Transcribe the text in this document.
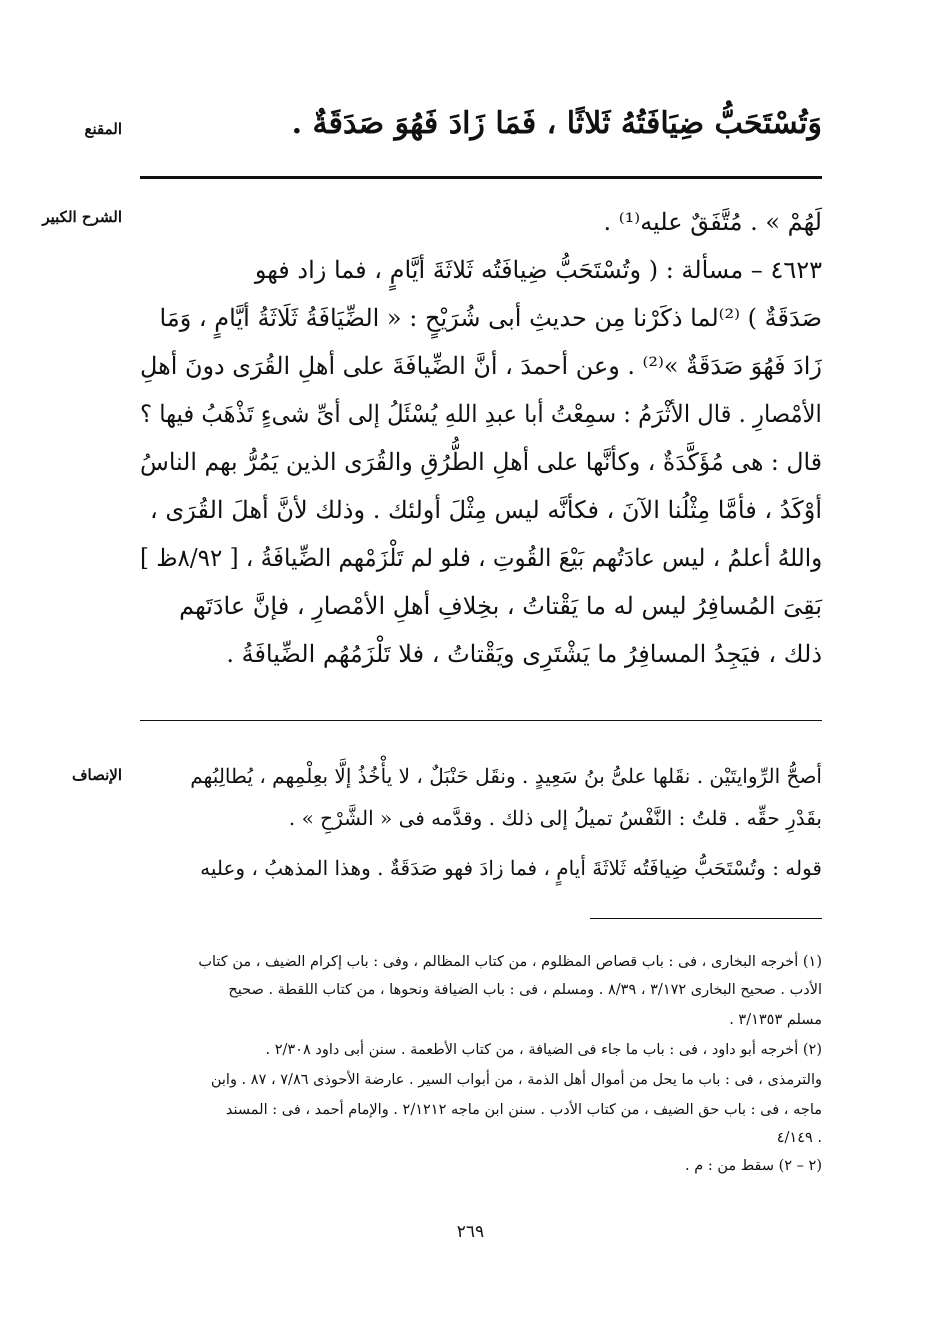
المقنع	وَتُسْتَحَبُّ ضِيَافَتُهُ ثَلاثًا ، فَمَا زَادَ فَهُوَ صَدَقَةٌ .
الشرح الكبير	لَهُمْ » . مُتَّفَقٌ عليه⁽¹⁾ .
٤٦٢٣ – مسألة : ( وتُسْتَحَبُّ ضِيافَتُه ثَلاثَةَ أيَّامٍ ، فما زاد فهو
صَدَقَةٌ ) ⁽²⁾لما ذكَرْنا مِن حديثِ أبى شُرَيْحٍ : « الضِّيَافَةُ ثَلَاثَةُ أيَّامٍ ، وَمَا
زَادَ فَهُوَ صَدَقَةٌ »⁽²⁾ . وعن أحمدَ ، أنَّ الضِّيافَةَ على أهلِ القُرَى دونَ أهلِ
الأمْصارِ . قال الأثْرَمُ : سمِعْتُ أبا عبدِ اللهِ يُسْئَلُ إلى أىِّ شىءٍ تَذْهَبُ فيها ؟
قال : هى مُؤَكَّدَةٌ ، وكأنَّها على أهلِ الطُّرُقِ والقُرَى الذين يَمُرُّ بهم الناسُ
أوْكَدُ ، فأمَّا مِثْلُنا الآنَ ، فكأنَّه ليس مِثْلَ أولئك . وذلك لأنَّ أهلَ القُرَى ،
واللهُ أعلمُ ، ليس عادَتُهم بَيْعَ القُوتِ ، فلو لم تَلْزَمْهم الضِّيافَةُ ، [ ٨/٩٢ظ ]
بَقِىَ المُسافِرُ ليس له ما يَقْتاتُ ، بخِلافِ أهلِ الأمْصارِ ، فإنَّ عادَتَهم
ذلك ، فيَجِدُ المسافِرُ ما يَشْتَرِى ويَقْتاتُ ، فلا تَلْزَمُهُم الضِّيافَةُ .
الإنصاف	أصحُّ الرِّوايتَيْن . نقَلها علىُّ بنُ سَعِيدٍ . ونقَل حَنْبَلٌ ، لا يأْخُذُ إلَّا بعِلْمِهم ، يُطالِبُهم
بقَدْرِ حقِّه . قلتُ : النَّفْسُ تميلُ إلى ذلك . وقدَّمه فى « الشَّرْحِ » .
قوله : وتُسْتَحَبُّ ضِيافَتُه ثَلاثَةَ أيامٍ ، فما زادَ فهو صَدَقَةٌ . وهذا المذهبُ ، وعليه
(١) أخرجه البخارى ، فى : باب قصاص المظلوم ، من كتاب المظالم ، وفى : باب إكرام الضيف ، من كتاب
الأدب . صحيح البخارى ٣/١٧٢ ، ٨/٣٩ . ومسلم ، فى : باب الضيافة ونحوها ، من كتاب اللقطة . صحيح
مسلم ٣/١٣٥٣ .
(٢) أخرجه أبو داود ، فى : باب ما جاء فى الضيافة ، من كتاب الأطعمة . سنن أبى داود ٢/٣٠٨ .
والترمذى ، فى : باب ما يحل من أموال أهل الذمة ، من أبواب السير . عارضة الأحوذى ٧/٨٦ ، ٨٧ . وابن
ماجه ، فى : باب حق الضيف ، من كتاب الأدب . سنن ابن ماجه ٢/١٢١٢ . والإمام أحمد ، فى : المسند
٤/١٤٩ .
(٢ – ٢) سقط من : م .
٢٦٩
